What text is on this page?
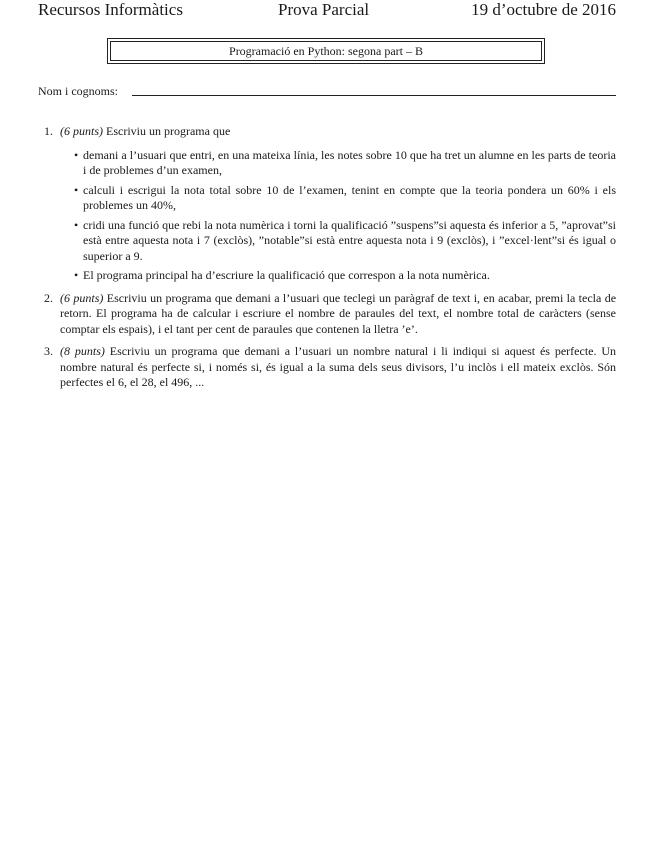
Recursos Informàtics	Prova Parcial	19 d’octubre de 2016
Programació en Python: segona part – B
Nom i cognoms:
1. (6 punts) Escriviu un programa que
• demani a l’usuari que entri, en una mateixa línia, les notes sobre 10 que ha tret un alumne en les parts de teoria i de problemes d’un examen,
• calculi i escrigui la nota total sobre 10 de l’examen, tenint en compte que la teoria pondera un 60% i els problemes un 40%,
• cridi una funció que rebi la nota numèrica i torni la qualificació ”suspens”si aquesta és inferior a 5, ”aprovat”si està entre aquesta nota i 7 (exclòs), ”notable”si està entre aquesta nota i 9 (exclòs), i ”excel·lent”si és igual o superior a 9.
• El programa principal ha d’escriure la qualificació que correspon a la nota numèrica.
2. (6 punts) Escriviu un programa que demani a l’usuari que teclegi un paràgraf de text i, en acabar, premi la tecla de retorn. El programa ha de calcular i escriure el nombre de paraules del text, el nombre total de caràcters (sense comptar els espais), i el tant per cent de paraules que contenen la lletra ’e’.
3. (8 punts) Escriviu un programa que demani a l’usuari un nombre natural i li indiqui si aquest és perfecte. Un nombre natural és perfecte si, i només si, és igual a la suma dels seus divisors, l’u inclòs i ell mateix exclòs. Són perfectes el 6, el 28, el 496, ...
